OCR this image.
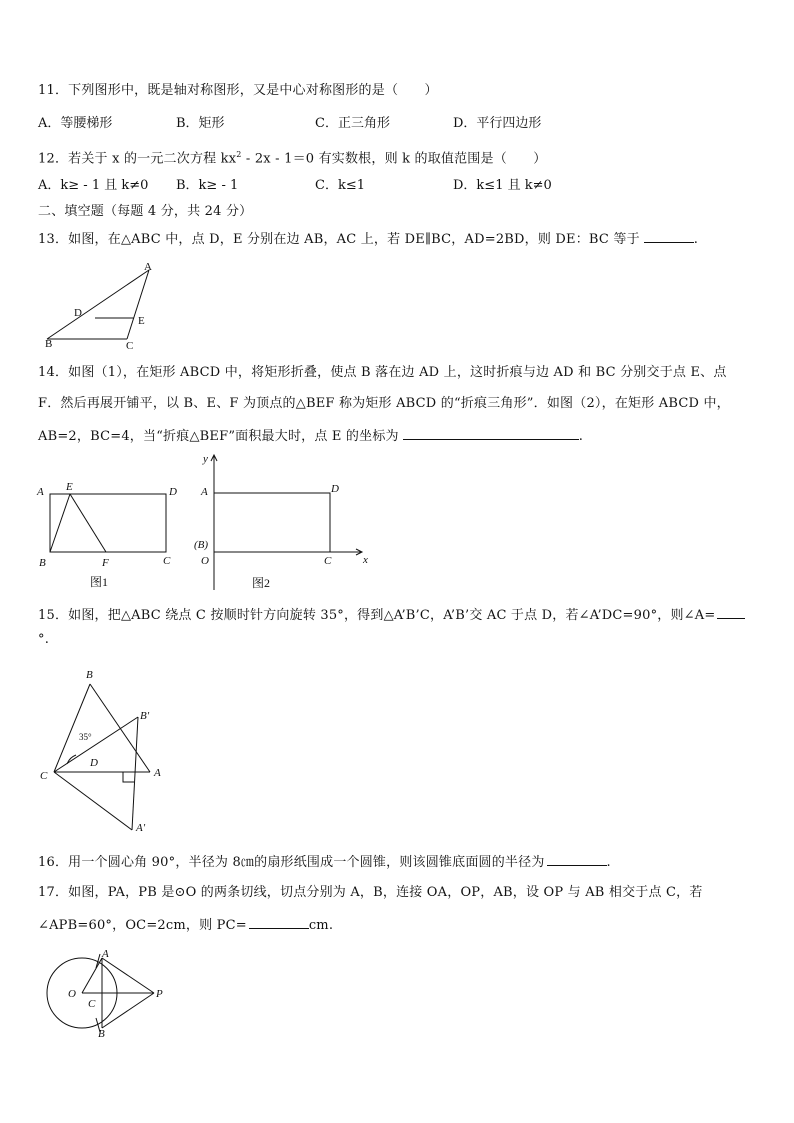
11．下列图形中，既是轴对称图形，又是中心对称图形的是（　　）
A．等腰梯形	B．矩形	C．正三角形	D．平行四边形
12．若关于 x 的一元二次方程 $kx^2 - 2x - 1=0$ 有实数根，则 k 的取值范围是（　　）
A．k≥ - 1 且 k≠0 B．k≥ - 1	C．k≤1	D．k≤1 且 k≠0
二、填空题（每题 4 分，共 24 分）
13．如图，在△ABC 中，点 D，E 分别在边 AB，AC 上，若 DE∥BC，AD=2BD，则 DE：BC 等于	.
A
D
E
B	C
14．如图（1），在矩形 ABCD 中，将矩形折叠，使点 B 落在边 AD 上，这时折痕与边 AD 和 BC 分别交于点 E、点
F．然后再展开铺平，以 B、E、F 为顶点的△BEF 称为矩形 ABCD 的“折痕三角形”．如图（2），在矩形 ABCD 中，
AB=2，BC=4，当“折痕△BEF”面积最大时，点 E 的坐标为	.
A E	D
B	F	C
图1
y
x
A	D
(B)
O	C
图2
15．如图，把△ABC 绕点 C 按顺时针方向旋转 35°，得到△A’B’C，A’B’交 AC 于点 D，若∠A’DC=90°，则∠A=
°.
B
B′
D
C	A
A′
35°
16．用一个圆心角 90°，半径为 8㎝的扇形纸围成一个圆锥，则该圆锥底面圆的半径为	.
17．如图，PA，PB 是⊙O 的两条切线，切点分别为 A，B，连接 OA，OP，AB，设 OP 与 AB 相交于点 C，若
∠APB=60°，OC=2cm，则 PC=	cm.
A
O
C
P
B
